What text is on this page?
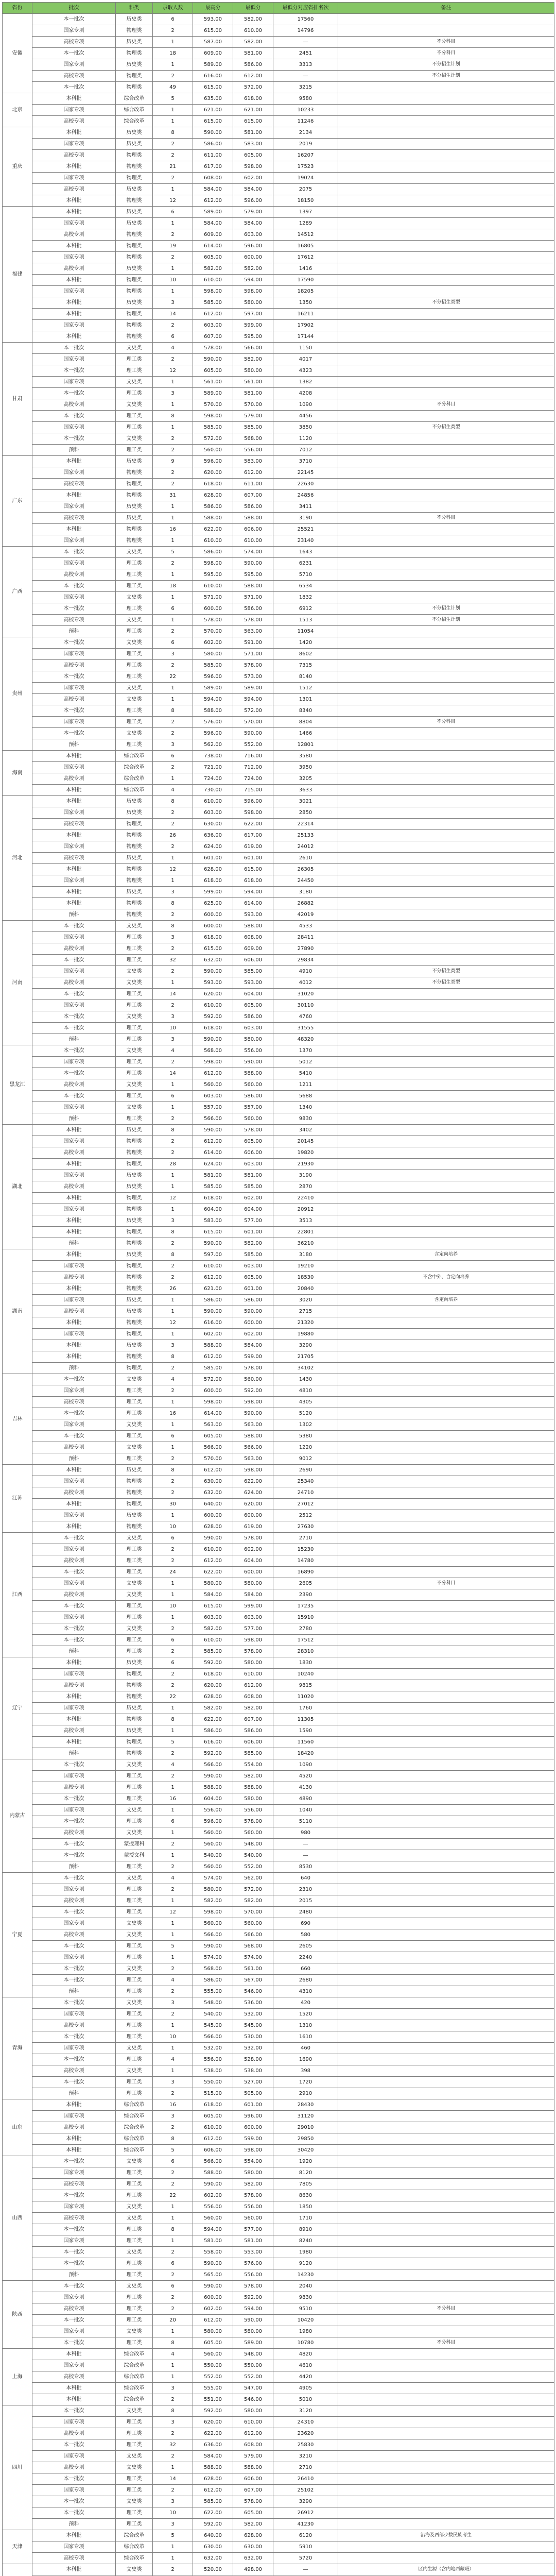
省份	批次	科类	录取人数	最高分	最低分	最低分对应省排名次	备注
安徽	本一批次	历史类	6	593.00	582.00	17560	
	国家专项	物理类	2	615.00	610.00	14796	
	高校专项	历史类	1	587.00	582.00	—	不分科目
	本一批次	物理类	18	609.00	581.00	2451	不分科目
	国家专项	历史类	1	589.00	586.00	3313	不分招生计划
	高校专项	物理类	2	616.00	612.00	—	不分招生计划
	本一批次	物理类	49	615.00	572.00	3215	
北京	本科批	综合改革	5	635.00	618.00	9580	
	国家专项	综合改革	1	621.00	621.00	10233	
	高校专项	综合改革	1	615.00	615.00	11246	
重庆	本科批	历史类	8	590.00	581.00	2134	
	国家专项	历史类	2	586.00	583.00	2019	
	高校专项	物理类	2	611.00	605.00	16207	
	本科批	物理类	21	617.00	598.00	17523	
	国家专项	物理类	2	608.00	602.00	19024	
	高校专项	历史类	1	584.00	584.00	2075	
	本科批	物理类	12	612.00	596.00	18150	
福建	本科批	历史类	6	589.00	579.00	1397	
	国家专项	历史类	1	584.00	584.00	1289	
	高校专项	物理类	2	609.00	603.00	14512	
	本科批	物理类	19	614.00	596.00	16805	
	国家专项	物理类	2	605.00	600.00	17612	
	高校专项	历史类	1	582.00	582.00	1416	
	本科批	物理类	10	610.00	594.00	17590	
	国家专项	物理类	1	598.00	598.00	18205	
	本科批	历史类	3	585.00	580.00	1350	不分招生类型
	本科批	物理类	14	612.00	597.00	16211	
	国家专项	物理类	2	603.00	599.00	17902	
	本科批	物理类	6	607.00	595.00	17144	
甘肃	本一批次	文史类	4	578.00	566.00	1150	
	国家专项	理工类	2	590.00	582.00	4017	
	本一批次	理工类	12	605.00	580.00	4323	
	国家专项	文史类	1	561.00	561.00	1382	
	本一批次	理工类	3	589.00	581.00	4208	
	高校专项	文史类	1	570.00	570.00	1090	不分科目
	本一批次	理工类	8	598.00	579.00	4456	
	国家专项	理工类	1	585.00	585.00	3850	不分招生类型
	本一批次	文史类	2	572.00	568.00	1120	
	预科	理工类	2	560.00	556.00	7012	
广东	本科批	历史类	9	596.00	583.00	3710	
	国家专项	物理类	2	620.00	612.00	22145	
	高校专项	物理类	2	618.00	611.00	22630	
	本科批	物理类	31	628.00	607.00	24856	
	国家专项	历史类	1	586.00	586.00	3411	
	高校专项	历史类	1	588.00	588.00	3190	不分科目
	本科批	物理类	16	622.00	606.00	25521	
	国家专项	物理类	1	610.00	610.00	23140	
广西	本一批次	文史类	5	586.00	574.00	1643	
	国家专项	理工类	2	598.00	590.00	6231	
	高校专项	理工类	1	595.00	595.00	5710	
	本一批次	理工类	18	610.00	588.00	6534	
	国家专项	文史类	1	571.00	571.00	1832	
	本一批次	理工类	6	600.00	586.00	6912	不分招生计划
	高校专项	文史类	1	578.00	578.00	1513	不分招生计划
	预科	理工类	2	570.00	563.00	11054	
贵州	本一批次	文史类	6	602.00	591.00	1420	
	国家专项	理工类	3	580.00	571.00	8602	
	高校专项	理工类	2	585.00	578.00	7315	
	本一批次	理工类	22	596.00	573.00	8140	
	国家专项	文史类	1	589.00	589.00	1512	
	高校专项	文史类	1	594.00	594.00	1301	
	本一批次	理工类	8	588.00	572.00	8340	
	国家专项	理工类	2	576.00	570.00	8804	不分科目
	本一批次	文史类	2	596.00	590.00	1466	
	预科	理工类	3	562.00	552.00	12801	
海南	本科批	综合改革	6	738.00	716.00	3580	
	国家专项	综合改革	2	721.00	712.00	3950	
	高校专项	综合改革	1	724.00	724.00	3205	
	本科批	综合改革	4	730.00	715.00	3633	
河北	本科批	历史类	8	610.00	596.00	3021	
	国家专项	历史类	2	603.00	598.00	2850	
	高校专项	物理类	2	630.00	622.00	22314	
	本科批	物理类	26	636.00	617.00	25133	
	国家专项	物理类	2	624.00	619.00	24012	
	高校专项	历史类	1	601.00	601.00	2610	
	本科批	物理类	12	628.00	615.00	26305	
	国家专项	物理类	1	618.00	618.00	24450	
	本科批	历史类	3	599.00	594.00	3180	
	本科批	物理类	8	625.00	614.00	26882	
	预科	物理类	2	600.00	593.00	42019	
河南	本一批次	文史类	8	600.00	588.00	4533	
	国家专项	理工类	3	618.00	608.00	28411	
	高校专项	理工类	2	615.00	609.00	27890	
	本一批次	理工类	32	632.00	606.00	29834	
	国家专项	文史类	2	590.00	585.00	4910	不分招生类型
	高校专项	文史类	1	593.00	593.00	4012	不分招生类型
	本一批次	理工类	14	620.00	604.00	31020	
	国家专项	理工类	2	610.00	605.00	30110	
	本一批次	文史类	3	592.00	586.00	4760	
	本一批次	理工类	10	618.00	603.00	31555	
	预科	理工类	3	590.00	580.00	48320	
黑龙江	本一批次	文史类	4	568.00	556.00	1370	
	国家专项	理工类	2	598.00	590.00	5012	
	本一批次	理工类	14	612.00	588.00	5410	
	高校专项	文史类	1	560.00	560.00	1211	
	本一批次	理工类	6	603.00	586.00	5688	
	国家专项	文史类	1	557.00	557.00	1340	
	预科	理工类	2	566.00	560.00	9830	
湖北	本科批	历史类	8	590.00	578.00	3402	
	国家专项	物理类	2	612.00	605.00	20145	
	高校专项	物理类	2	614.00	606.00	19820	
	本科批	物理类	28	624.00	603.00	21930	
	国家专项	历史类	1	581.00	581.00	3190	
	高校专项	历史类	1	585.00	585.00	2870	
	本科批	物理类	12	618.00	602.00	22410	
	国家专项	物理类	1	604.00	604.00	20912	
	本科批	历史类	3	583.00	577.00	3513	
	本科批	物理类	8	615.00	601.00	22801	
	预科	物理类	2	590.00	582.00	36210	
湖南	本科批	历史类	8	597.00	585.00	3180	含定向培养
	国家专项	物理类	2	610.00	603.00	19210	
	高校专项	物理类	2	612.00	605.00	18530	不含中外、含定向培养
	本科批	物理类	26	621.00	601.00	20840	
	国家专项	历史类	1	586.00	586.00	3020	含定向培养
	高校专项	历史类	1	590.00	590.00	2715	
	本科批	物理类	12	616.00	600.00	21320	
	国家专项	物理类	1	602.00	602.00	19880	
	本科批	历史类	3	588.00	584.00	3290	
	本科批	物理类	8	612.00	599.00	21705	
	预科	物理类	2	585.00	578.00	34102	
吉林	本一批次	文史类	4	572.00	560.00	1430	
	国家专项	理工类	2	600.00	592.00	4810	
	高校专项	理工类	1	598.00	598.00	4305	
	本一批次	理工类	16	614.00	590.00	5120	
	国家专项	文史类	1	563.00	563.00	1302	
	本一批次	理工类	6	605.00	588.00	5380	
	高校专项	文史类	1	566.00	566.00	1220	
	预科	理工类	2	570.00	563.00	9012	
江苏	本科批	历史类	8	612.00	598.00	2690	
	国家专项	物理类	2	630.00	622.00	25340	
	高校专项	物理类	2	632.00	624.00	24710	
	本科批	物理类	30	640.00	620.00	27012	
	国家专项	历史类	1	600.00	600.00	2512	
	本科批	物理类	10	628.00	619.00	27630	
江西	本一批次	文史类	6	590.00	578.00	2710	
	国家专项	理工类	2	610.00	602.00	15230	
	高校专项	理工类	2	612.00	604.00	14780	
	本一批次	理工类	24	622.00	600.00	16890	
	国家专项	文史类	1	580.00	580.00	2605	不分科目
	高校专项	文史类	1	584.00	584.00	2390	
	本一批次	理工类	10	615.00	599.00	17235	
	国家专项	理工类	1	603.00	603.00	15910	
	本一批次	文史类	2	582.00	577.00	2780	
	本一批次	理工类	6	610.00	598.00	17512	
	预科	理工类	2	585.00	578.00	28310	
辽宁	本科批	历史类	6	592.00	580.00	1830	
	国家专项	物理类	2	618.00	610.00	10240	
	高校专项	物理类	2	620.00	612.00	9815	
	本科批	物理类	22	628.00	608.00	11020	
	国家专项	历史类	1	582.00	582.00	1760	
	本科批	物理类	8	622.00	607.00	11305	
	高校专项	历史类	1	586.00	586.00	1590	
	本科批	物理类	5	616.00	606.00	11560	
	预科	物理类	2	592.00	585.00	18420	
内蒙古	本一批次	文史类	4	566.00	554.00	1090	
	国家专项	理工类	2	590.00	582.00	4520	
	高校专项	理工类	1	588.00	588.00	4130	
	本一批次	理工类	16	604.00	580.00	4890	
	国家专项	文史类	1	556.00	556.00	1040	
	本一批次	理工类	6	596.00	578.00	5110	
	高校专项	文史类	1	560.00	560.00	980	
	本一批次	蒙授理科	2	560.00	548.00	—	
	本一批次	蒙授文科	1	540.00	540.00	—	
	预科	理工类	2	560.00	552.00	8530	
宁夏	本一批次	文史类	4	574.00	562.00	640	
	国家专项	理工类	2	580.00	572.00	2310	
	高校专项	理工类	1	582.00	582.00	2015	
	本一批次	理工类	12	598.00	570.00	2480	
	国家专项	文史类	1	560.00	560.00	690	
	高校专项	文史类	1	566.00	566.00	580	
	本一批次	理工类	5	590.00	568.00	2605	
	国家专项	理工类	1	574.00	574.00	2240	
	本一批次	文史类	2	568.00	561.00	660	
	本一批次	理工类	4	586.00	567.00	2680	
	预科	理工类	2	555.00	546.00	4310	
青海	本一批次	文史类	3	548.00	536.00	420	
	国家专项	理工类	2	540.00	532.00	1520	
	高校专项	理工类	1	545.00	545.00	1310	
	本一批次	理工类	10	566.00	530.00	1610	
	国家专项	文史类	1	532.00	532.00	460	
	本一批次	理工类	4	556.00	528.00	1690	
	高校专项	文史类	1	538.00	538.00	398	
	本一批次	理工类	3	550.00	527.00	1720	
	预科	理工类	2	515.00	505.00	2910	
山东	本科批	综合改革	16	618.00	601.00	28430	
	国家专项	综合改革	3	605.00	596.00	31120	
	高校专项	综合改革	2	610.00	600.00	29010	
	本科批	综合改革	8	612.00	599.00	29850	
	本科批	综合改革	5	606.00	598.00	30420	
山西	本一批次	文史类	6	566.00	554.00	1920	
	国家专项	理工类	2	588.00	580.00	8120	
	高校专项	理工类	2	590.00	582.00	7805	
	本一批次	理工类	22	602.00	578.00	8630	
	国家专项	文史类	1	556.00	556.00	1850	
	高校专项	文史类	1	560.00	560.00	1710	
	本一批次	理工类	8	594.00	577.00	8910	
	国家专项	理工类	1	581.00	581.00	8240	
	本一批次	文史类	2	558.00	553.00	1980	
	本一批次	理工类	6	590.00	576.00	9120	
	预科	理工类	2	565.00	556.00	14230	
陕西	本一批次	文史类	6	590.00	578.00	2040	
	国家专项	理工类	2	600.00	592.00	9830	
	高校专项	理工类	2	602.00	594.00	9510	不分科目
	本一批次	理工类	20	612.00	590.00	10420	
	国家专项	文史类	1	580.00	580.00	1980	
	本一批次	理工类	8	605.00	589.00	10780	不分科目
上海	本科批	综合改革	4	560.00	548.00	4820	
	国家专项	综合改革	1	550.00	550.00	4610	
	高校专项	综合改革	1	552.00	552.00	4420	
	本科批	综合改革	3	555.00	547.00	4905	
	本科批	综合改革	2	551.00	546.00	5010	
四川	本一批次	文史类	8	592.00	580.00	3120	
	国家专项	理工类	3	620.00	610.00	24310	
	高校专项	理工类	2	622.00	612.00	23620	
	本一批次	理工类	32	636.00	608.00	25830	
	国家专项	文史类	2	584.00	579.00	3210	
	高校专项	文史类	1	588.00	588.00	2710	
	本一批次	理工类	14	628.00	606.00	26410	
	国家专项	理工类	2	612.00	607.00	25102	
	本一批次	文史类	3	585.00	578.00	3290	
	本一批次	理工类	10	622.00	605.00	26912	
	预科	理工类	3	592.00	582.00	41230	
天津	本科批	综合改革	5	640.00	628.00	6120	沿海及西部少数民族考生
	国家专项	综合改革	1	630.00	630.00	5910	
	高校专项	综合改革	1	632.00	632.00	5720	
	本科批	文史类	2	520.00	498.00	—	区内生源（含内地西藏班）
